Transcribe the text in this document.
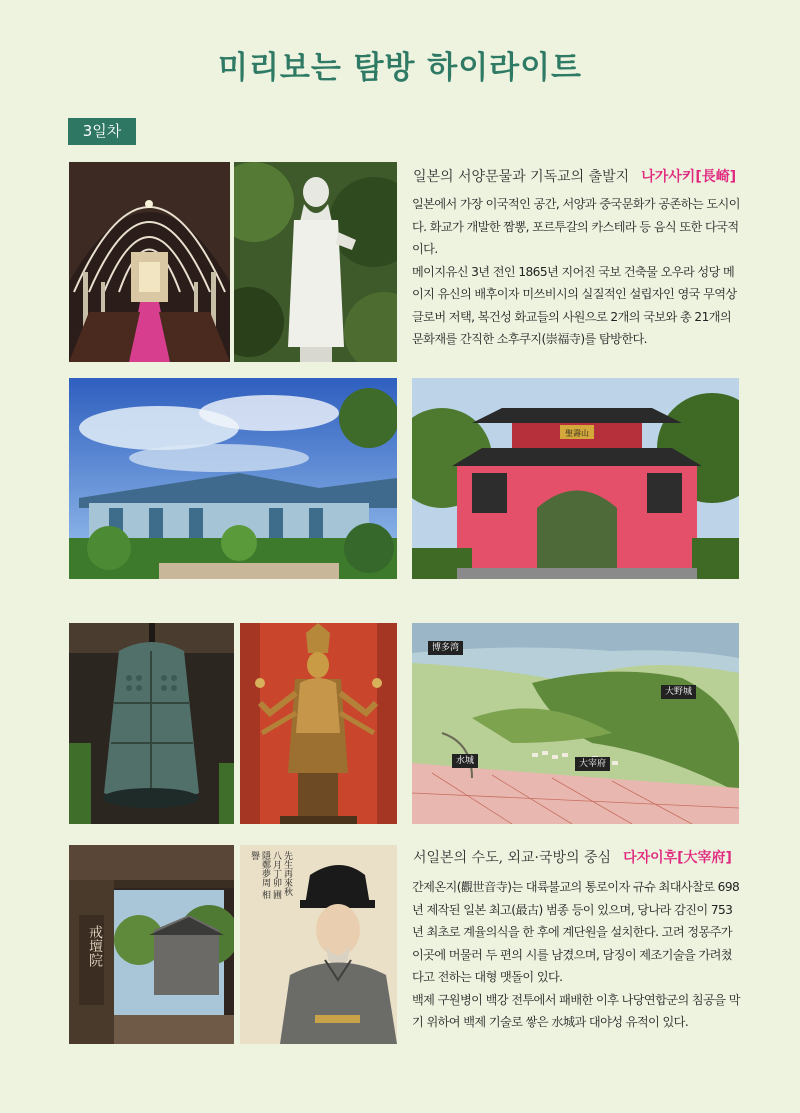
미리보는 탐방 하이라이트
3일차
일본의 서양문물과 기독교의 출발지 나가사키[長崎]

일본에서 가장 이국적인 공간, 서양과 중국문화가 공존하는 도시이다. 화교가 개발한 짬뽕, 포르투갈의 카스테라 등 음식 또한 다국적이다.

메이지유신 3년 전인 1865년 지어진 국보 건축물 오우라 성당 메이지 유신의 배후이자 미쓰비시의 실질적인 설립자인 영국 무역상 글로버 저택, 복건성 화교들의 사원으로 2개의 국보와 총 21개의 문화재를 간직한 소후쿠지(崇福寺)를 탐방한다.

聖壽山
博多湾
大野城
水城	大宰府
戒壇院
先生再來秋八月丁卯 圃隱鄭夢周 相譽	서일본의 수도, 외교·국방의 중심 다자이후[大宰府]

간제온지(觀世音寺)는 대륙불교의 통로이자 규슈 최대사찰로 698년 제작된 일본 최고(最古) 범종 등이 있으며, 당나라 감진이 753년 최초로 계율의식을 한 후에 계단원을 설치한다. 고려 정몽주가 이곳에 머물러 두 편의 시를 남겼으며, 담징이 제조기술을 가려쳤다고 전하는 대형 맷돌이 있다.

백제 구원병이 백강 전투에서 패배한 이후 나당연합군의 침공을 막기 위하여 백제 기술로 쌓은 水城과 대야성 유적이 있다.
